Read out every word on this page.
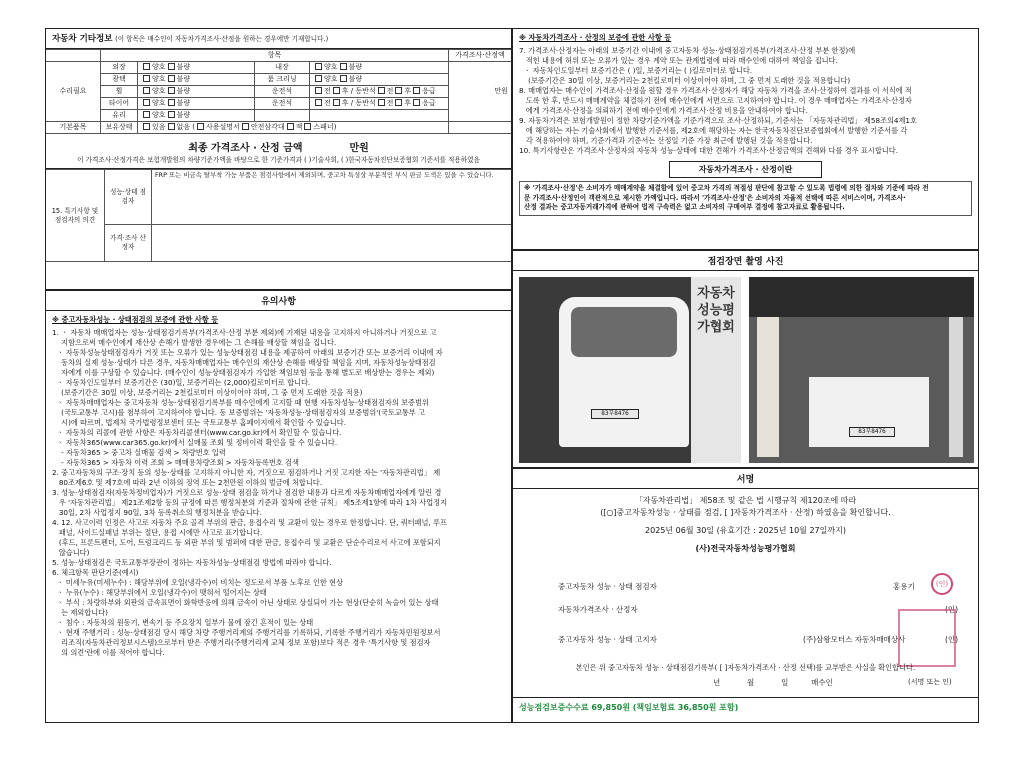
자동차 기타정보 (이 항목은 매수인이 자동차가격조사·산정을 원하는 경우에만 기재합니다.)
	항목				가격조사·산정액
수리필요	외장	양호 불량	내장	양호 불량	만원
	광택	양호 불량	룸 크리닝	양호 불량	
	휠	양호 불량	운전석	전 후 / 동반석 전 후 응급	
	타이어	양호 불량	운전석	전 후 / 동반석 전 후 응급	
	유리	양호 불량			
기본품목	보유상태	있음 없음 ( 사용설명서 안전삼각대 잭 스패너)			
최종 가격조사 · 산정 금액	만원
이 가격조사·산정가격은 보험개발원의 차량기준가액을 바탕으로 한 기준가격과 ( )기술사회, ( )한국자동차진단보증협회 기준서를 적용하였음
15. 특기사항 및 점검자의 의견	성능·상태 점검자	FRP 또는 비금속 탈부착 가능 부품은 점검사항에서 제외되며, 중고차 특성상 부분적인 부식 판금 도색은 있을 수 있습니다.
	가격·조사 산정자	
유의사항

※ 중고자동차성능 · 상태점검의 보증에 관한 사항 등

1. ㆍ 자동차 매매업자는 성능·상태점검기록부(가격조사·산정 부분 제외)에 기재된 내용을 고지하지 아니하거나 거짓으로 고

지함으로써 매수인에게 재산상 손해가 발생한 경우에는 그 손해를 배상할 책임을 집니다.

ㆍ 자동차성능상태점검자가 거짓 또는 오류가 있는 성능상태점검 내용을 제공하여 아래의 보증기간 또는 보증거리 이내에 자

동차의 실제 성능·상태가 다른 경우, 자동차매매업자는 매수인의 재산상 손해를 배상할 책임을 지며, 자동차성능상태점검

자에게 이를 구상할 수 있습니다. (매수인이 성능상태점검자가 가입한 책임보험 등을 통해 별도로 배상받는 경우는 제외)

ㆍ 자동차인도일부터 보증기간은 (30)일, 보증거리는 (2,000)킬로미터로 합니다.

(보증기간은 30일 이상, 보증거리는 2천킬로미터 이상이어야 하며, 그 중 먼저 도래한 것을 적용)

ㆍ 자동차매매업자는 중고자동차 성능·상태점검기록부를 매수인에게 고지할 때 현행 자동차성능·상태점검자의 보증범위

(국토교통부 고시)를 첨부하여 고지하여야 합니다. 동 보증범위는 '자동차성능·상태점검자의 보증범위'(국토교통부 고

시)에 따르며, 법제처 국가법령정보센터 또는 국토교통부 홈페이지에서 확인할 수 있습니다.

ㆍ 자동차의 리콜에 관한 사항은 자동차리콜센터(www.car.go.kr)에서 확인할 수 있습니다.

ㆍ 자동차365(www.car365.go.kr)에서 실매물 조회 및 정비이력 확인을 할 수 있습니다.

- 자동차365 > 중고차 실매물 검색 > 차량번호 입력

- 자동차365 > 자동차 이력 조회 > 매매용차량조회 > 자동차등록번호 검색

2. 중고자동차의 구조·장치 등의 성능·상태를 고지하지 아니한 자, 거짓으로 점검하거나 거짓 고지한 자는 '자동차관리법」 제

80조제6호 및 제7호에 따라 2년 이하의 징역 또는 2천만원 이하의 벌금에 처합니다.

3. 성능·상태점검자(자동차정비업자)가 거짓으로 성능·상태 점검을 하거나 점검한 내용과 다르게 자동차매매업자에게 알린 경

우 '자동차관리법」 제21조제2항 등의 규정에 따른 행정처분의 기준과 절차에 관한 규칙」 제5조제1항에 따라 1차 사업정지

30일, 2차 사업정지 90일, 3차 등록취소의 행정처분을 받습니다.

4. 12. 사고이력 인정은 사고로 자동차 주요 골격 부위의 판금, 용접수리 및 교환이 있는 경우로 한정합니다. 단, 쿼터패널, 루프

패널, 사이드실패널 부위는 절단, 용접 시에만 사고로 표기합니다.

(후드, 프론트펜더, 도어, 트렁크리드 등 외판 부위 및 범퍼에 대한 판금, 용접수리 및 교환은 단순수리로서 사고에 포함되지

않습니다)

5. 성능·상태점검은 국토교통부장관이 정하는 자동차성능·상태점검 방법에 따라야 합니다.

6. 체크항목 판단기준(예시)

ㆍ 미세누유(미세누수) : 해당부위에 오일(냉각수)이 비치는 정도로서 부품 노후로 인한 현상

ㆍ 누유(누수) : 해당부위에서 오일(냉각수)이 맺혀서 떨어지는 상태

ㆍ 부식 : 차량하부와 외판의 금속표면이 화학반응에 의해 금속이 아닌 상태로 상실되어 가는 현상(단순히 녹슬어 있는 상태

는 제외합니다)

ㆍ 침수 : 자동차의 원동기, 변속기 등 주요장치 일부가 물에 잠긴 흔적이 있는 상태

ㆍ 현재 주행거리 : 성능·상태점검 당시 해당 차량 주행거리계의 주행거리를 기록하되, 기록한 주행거리가 자동차민원정보서

리조직(자동차관리정보시스템)으로부터 받은 주행거리(주행거리계 교체 정보 포함)보다 적은 경우 '특기사항 및 점검자

의 의견'란에 이를 적어야 합니다.

※ 자동차가격조사 · 산정의 보증에 관한 사항 등

7. 가격조사·산정자는 아래의 보증기간 이내에 중고자동차 성능·상태점검기록부(가격조사·산정 부분 한정)에

적힌 내용에 허위 또는 오류가 있는 경우 계약 또는 관계법령에 따라 매수인에 대하여 책임을 집니다.

ㆍ 자동차인도일부터 보증기간은 ( )일, 보증거리는 ( )킬로미터로 합니다.

(보증기간은 30일 이상, 보증거리는 2천킬로미터 이상이어야 하며, 그 중 먼저 도래한 것을 적용합니다)

8. 매매업자는 매수인이 가격조사·산정을 원할 경우 가격조사·산정자가 해당 자동차 가격을 조사·산정하여 결과를 이 서식에 적

도록 한 후, 반드시 매매계약을 체결하기 전에 매수인에게 서면으로 고지하여야 합니다. 이 경우 매매업자는 가격조사·산정자

에게 가격조사·산정을 의뢰하기 전에 매수인에게 가격조사·산정 비용을 안내하여야 합니다.

9. 자동차가격은 보험개발원이 정한 차량기준가액을 기준가격으로 조사·산정하되, 기준서는 「자동차관리법」 제58조의4제1호

에 해당하는 자는 기술사회에서 발행한 기준서를, 제2호에 해당하는 자는 한국자동차진단보증협회에서 발행한 기준서를 각

각 적용하여야 하며, 기준가격과 기준서는 산정일 기준 가장 최근에 발행된 것을 적용합니다.

10. 특기사항란은 가격조사·산정자의 자동차 성능·상태에 대한 견해가 가격조사·산정금액의 견해와 다를 경우 표시합니다.

자동차가격조사 · 산정이란

※ '가격조사·산정'은 소비자가 매매계약을 체결함에 있어 중고차 가격의 적절성 판단에 참고할 수 있도록 법령에 의한 절차와 기준에 따라 전

문 가격조사·산정인이 객관적으로 제시한 가액입니다. 따라서 '가격조사·산정'은 소비자의 자율적 선택에 따른 서비스이며, 가격조사·

산정 결과는 중고자동거래가격에 관하여 법적 구속력은 없고 소비자의 구매여부 결정에 참고자료로 활용됩니다.

점검장면 촬영 사진
자동차성능평가협회
83부8476
83부8476
서명

「자동차관리법」 제58조 및 같은 법 시행규칙 제120조에 따라

([○]중고자동차성능 · 상태를 점검, [ ]자동차가격조사 · 산정) 하였음을 확인합니다.

2025년 06월 30일 (유효기간 : 2025년 10월 27일까지)

(사)전국자동차성능평가협회

중고자동차 성능 · 상태 점검자	홍용기	(인)
자동차가격조사 · 산정자	(인)
중고자동차 성능 · 상태 고지자	(주)삼왕모터스 자동차매매상사	(인)
본인은 위 중고자동차 성능 · 상태점검기록부( [ ]자동차가격조사 · 산정 선택)를 교부받은 사실을 확인합니다.
년	월	일	매수인	(서명 또는 인)
성능점검보증수수료 69,850원 (책임보험료 36,850원 포함)
